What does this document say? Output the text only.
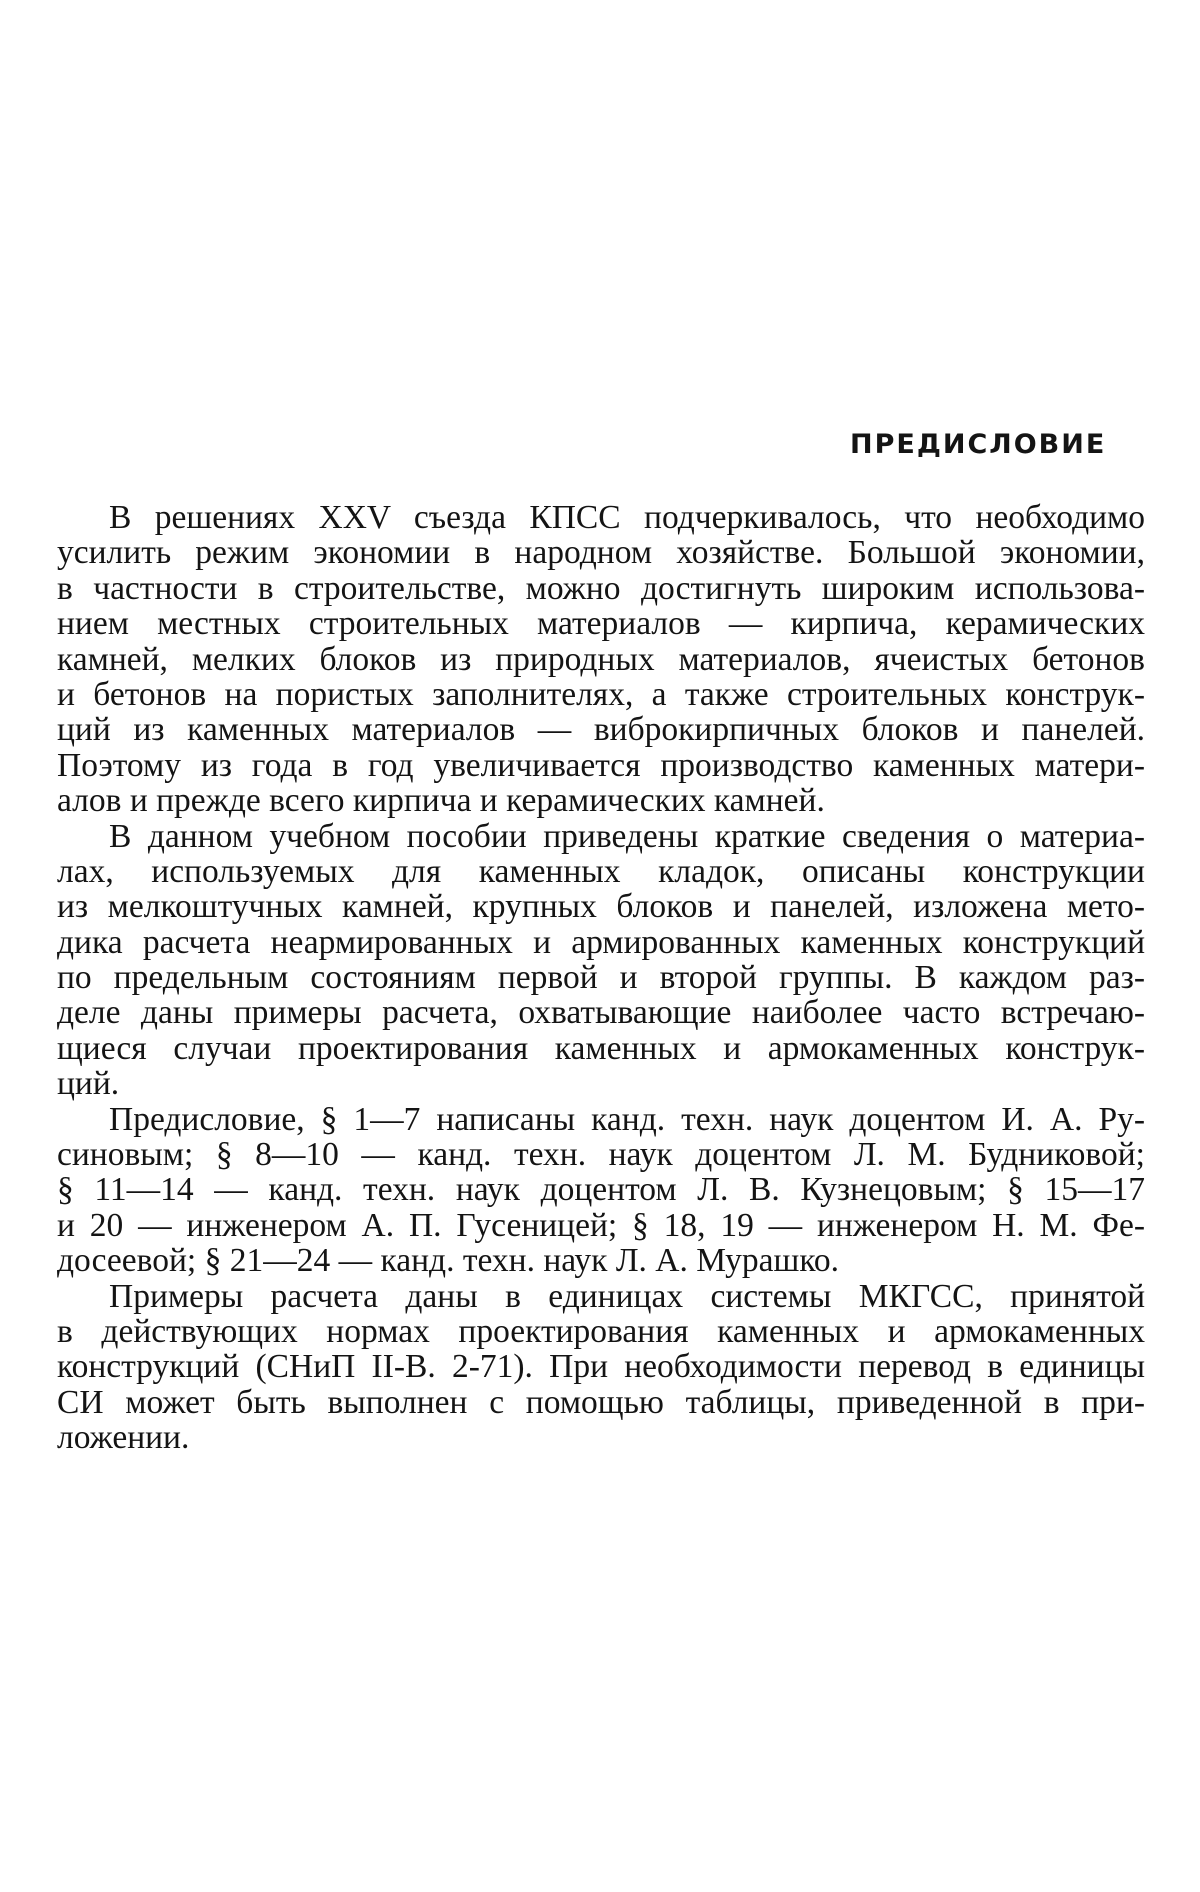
ПРЕДИСЛОВИЕ
В решениях XXV съезда КПСС подчеркивалось, что необходимо
усилить режим экономии в народном хозяйстве. Большой экономии,
в частности в строительстве, можно достигнуть широким использова-
нием местных строительных материалов — кирпича, керамических
камней, мелких блоков из природных материалов, ячеистых бетонов
и бетонов на пористых заполнителях, а также строительных конструк-
ций из каменных материалов — виброкирпичных блоков и панелей.
Поэтому из года в год увеличивается производство каменных матери-
алов и прежде всего кирпича и керамических камней.
В данном учебном пособии приведены краткие сведения о материа-
лах, используемых для каменных кладок, описаны конструкции
из мелкоштучных камней, крупных блоков и панелей, изложена мето-
дика расчета неармированных и армированных каменных конструкций
по предельным состояниям первой и второй группы. В каждом раз-
деле даны примеры расчета, охватывающие наиболее часто встречаю-
щиеся случаи проектирования каменных и армокаменных конструк-
ций.
Предисловие, § 1—7 написаны канд. техн. наук доцентом И. А. Ру-
синовым; § 8—10 — канд. техн. наук доцентом Л. М. Будниковой;
§ 11—14 — канд. техн. наук доцентом Л. В. Кузнецовым; § 15—17
и 20 — инженером А. П. Гусеницей; § 18, 19 — инженером Н. М. Фе-
досеевой; § 21—24 — канд. техн. наук Л. А. Мурашко.
Примеры расчета даны в единицах системы МКГСС, принятой
в действующих нормах проектирования каменных и армокаменных
конструкций (СНиП II-В. 2-71). При необходимости перевод в единицы
СИ может быть выполнен с помощью таблицы, приведенной в при-
ложении.
